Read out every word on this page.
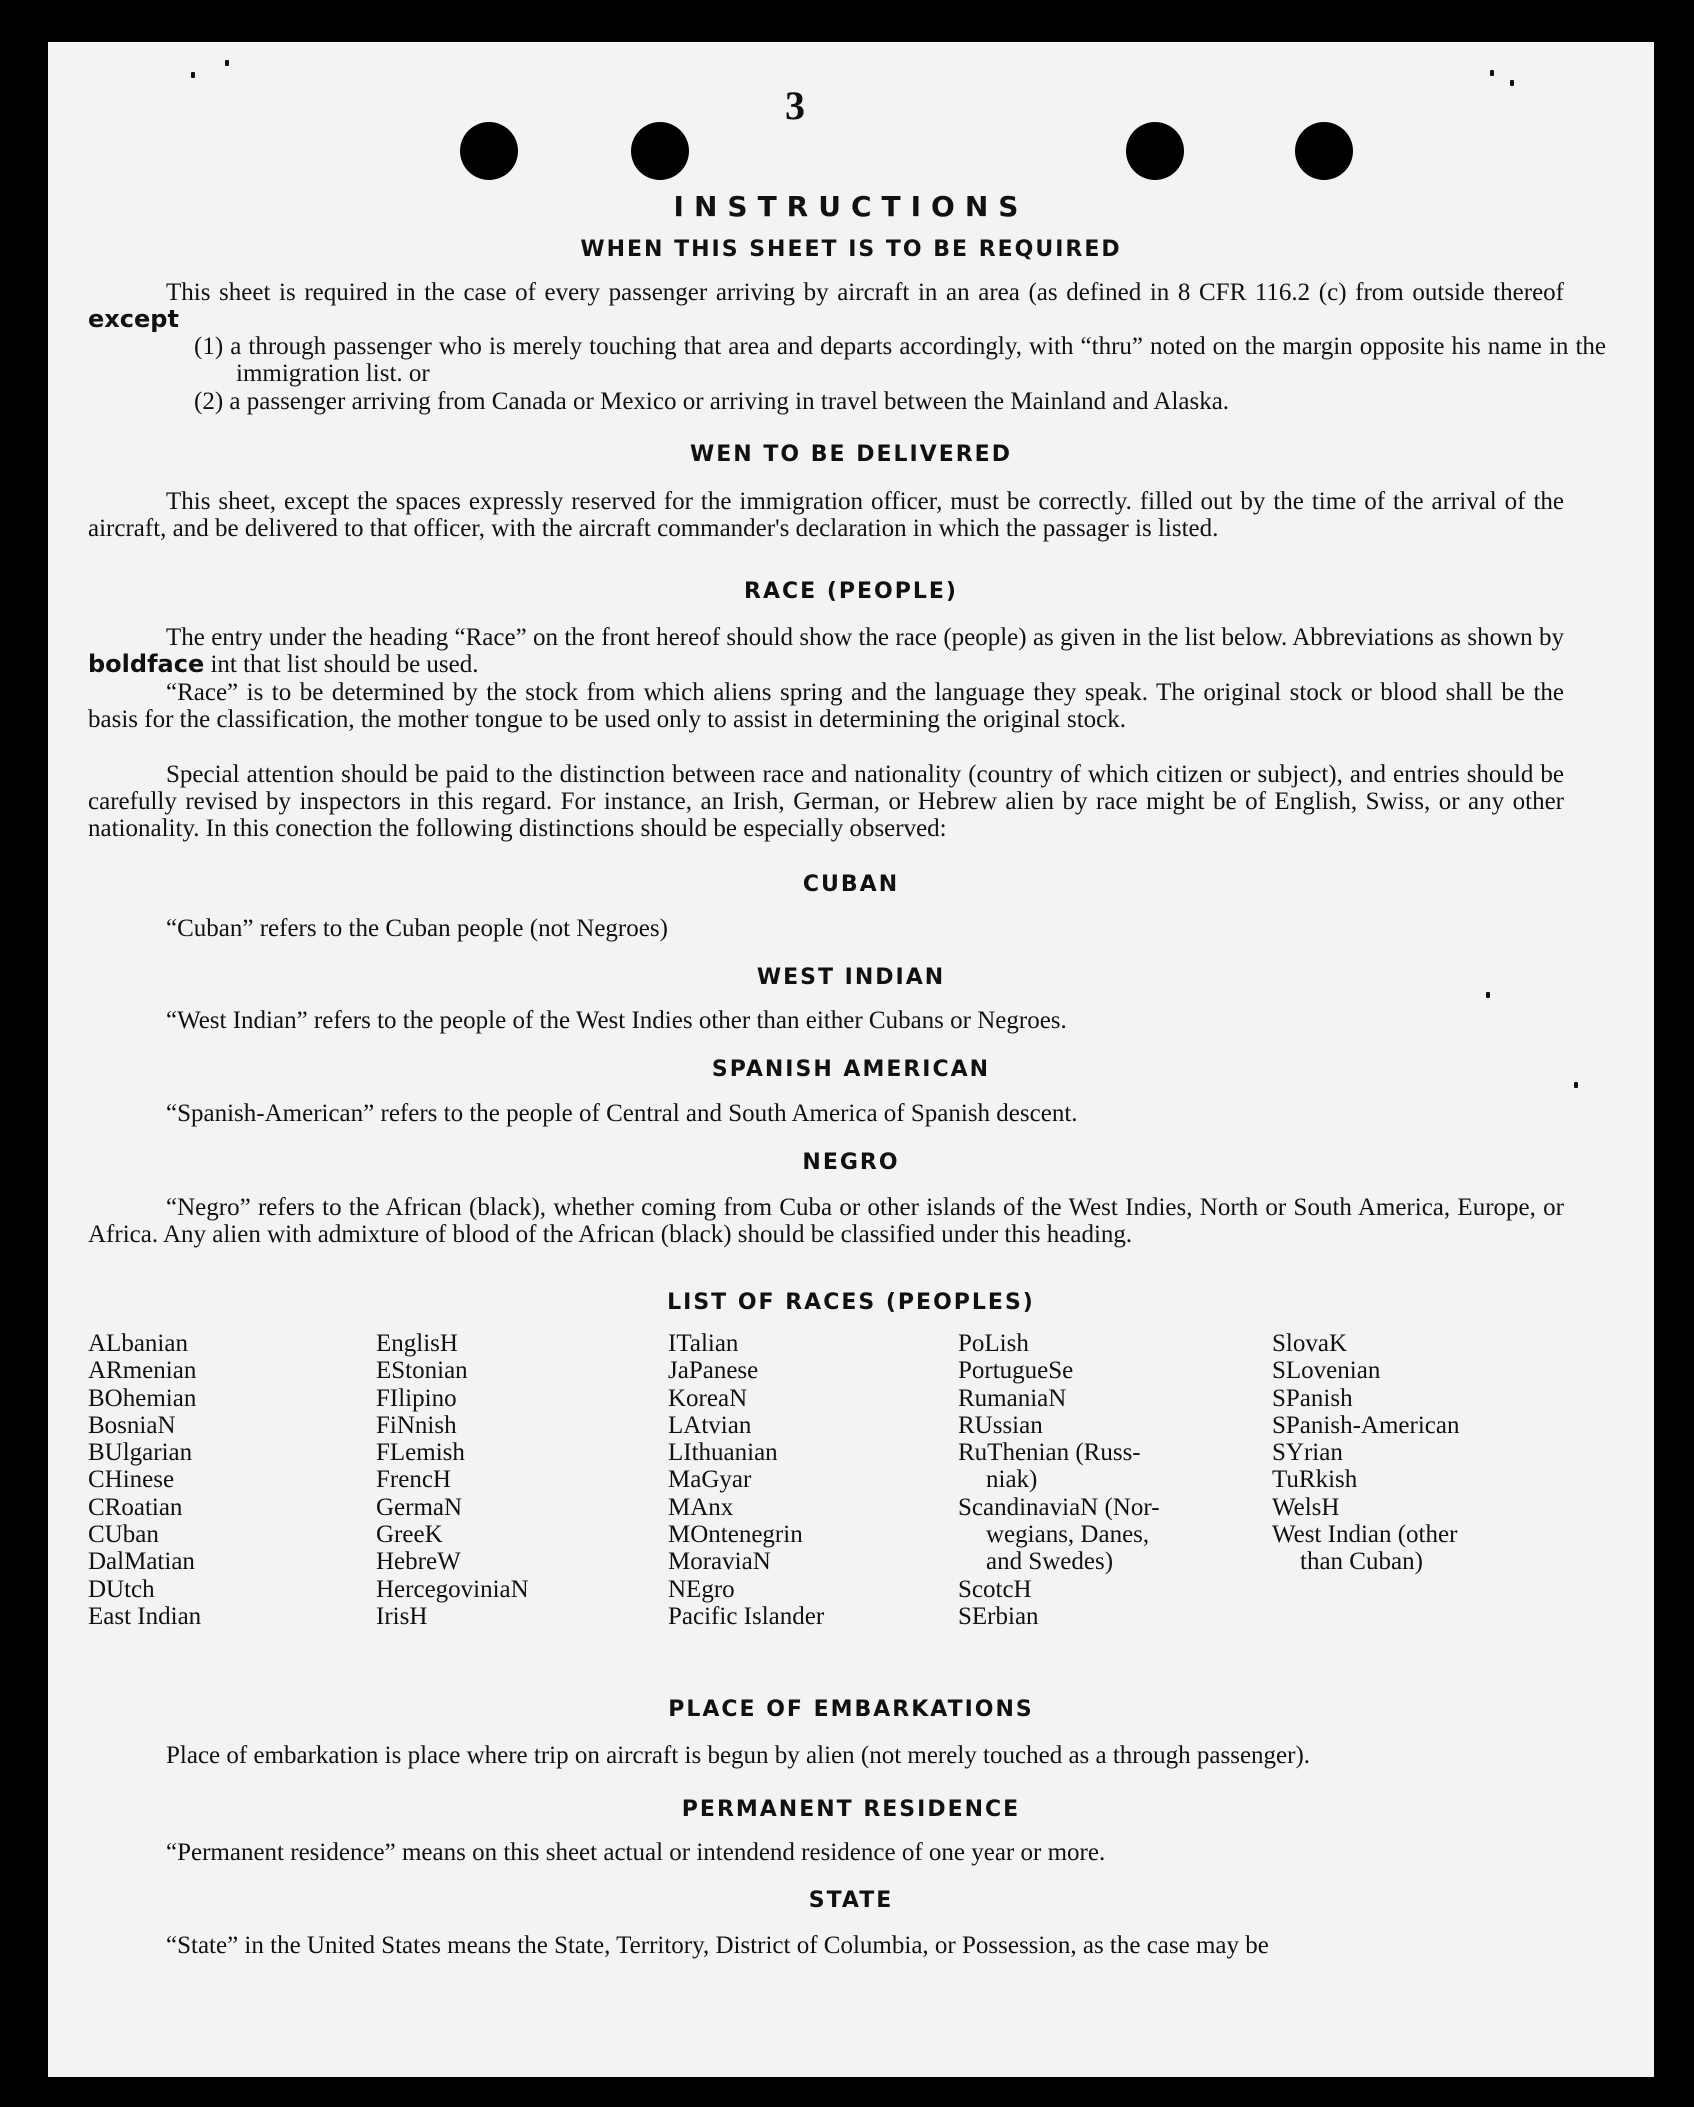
3
INSTRUCTIONS
WHEN THIS SHEET IS TO BE REQUIRED
This sheet is required in the case of every passenger arriving by aircraft in an area (as defined in 8 CFR 116.2 (c) from outside thereof except
(1) a through passenger who is merely touching that area and departs accordingly, with “thru” noted on the margin opposite his name in the immigration list. or
(2) a passenger arriving from Canada or Mexico or arriving in travel between the Mainland and Alaska.
WEN TO BE DELIVERED
This sheet, except the spaces expressly reserved for the immigration officer, must be correctly. filled out by the time of the arrival of the aircraft, and be delivered to that officer, with the aircraft commander's declaration in which the passager is listed.
RACE (PEOPLE)
The entry under the heading “Race” on the front hereof should show the race (people) as given in the list below. Abbreviations as shown by boldface int that list should be used.
“Race” is to be determined by the stock from which aliens spring and the language they speak. The original stock or blood shall be the basis for the classification, the mother tongue to be used only to assist in determining the original stock.
Special attention should be paid to the distinction between race and nationality (country of which citizen or subject), and entries should be carefully revised by inspectors in this regard. For instance, an Irish, German, or Hebrew alien by race might be of English, Swiss, or any other nationality. In this conection the following distinctions should be especially observed:
CUBAN
“Cuban” refers to the Cuban people (not Negroes)
WEST INDIAN
“West Indian” refers to the people of the West Indies other than either Cubans or Negroes.
SPANISH AMERICAN
“Spanish-American” refers to the people of Central and South America of Spanish descent.
NEGRO
“Negro” refers to the African (black), whether coming from Cuba or other islands of the West Indies, North or South America, Europe, or Africa. Any alien with admixture of blood of the African (black) should be classified under this heading.
LIST OF RACES (PEOPLES)
ALbanian
ARmenian
BOhemian
BosniaN
BUlgarian
CHinese
CRoatian
CUban
DalMatian
DUtch
East Indian
EnglisH
EStonian
FIlipino
FiNnish
FLemish
FrencH
GermaN
GreeK
HebreW
HercegoviniaN
IrisH
ITalian
JaPanese
KoreaN
LAtvian
LIthuanian
MaGyar
MAnx
MOntenegrin
MoraviaN
NEgro
Pacific Islander
PoLish
PortugueSe
RumaniaN
RUssian
RuThenian (Russ-
niak)
ScandinaviaN (Nor-
wegians, Danes,
and Swedes)
ScotcH
SErbian
SlovaK
SLovenian
SPanish
SPanish-American
SYrian
TuRkish
WelsH
West Indian (other
than Cuban)
PLACE OF EMBARKATIONS
Place of embarkation is place where trip on aircraft is begun by alien (not merely touched as a through passenger).
PERMANENT RESIDENCE
“Permanent residence” means on this sheet actual or intendend residence of one year or more.
STATE
“State” in the United States means the State, Territory, District of Columbia, or Possession, as the case may be
